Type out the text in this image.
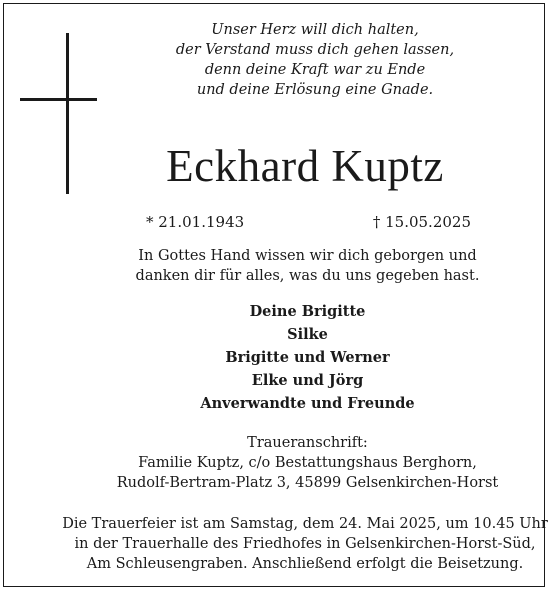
Unser Herz will dich halten,
der Verstand muss dich gehen lassen,
denn deine Kraft war zu Ende
und deine Erlösung eine Gnade.
Eckhard Kuptz
* 21.01.1943	† 15.05.2025
In Gottes Hand wissen wir dich geborgen und
danken dir für alles, was du uns gegeben hast.
Deine Brigitte
Silke
Brigitte und Werner
Elke und Jörg
Anverwandte und Freunde
Traueranschrift:
Familie Kuptz, c/o Bestattungshaus Berghorn,
Rudolf-Bertram-Platz 3, 45899 Gelsenkirchen-Horst
Die Trauerfeier ist am Samstag, dem 24. Mai 2025, um 10.45 Uhr
in der Trauerhalle des Friedhofes in Gelsenkirchen-Horst-Süd,
Am Schleusengraben. Anschließend erfolgt die Beisetzung.
